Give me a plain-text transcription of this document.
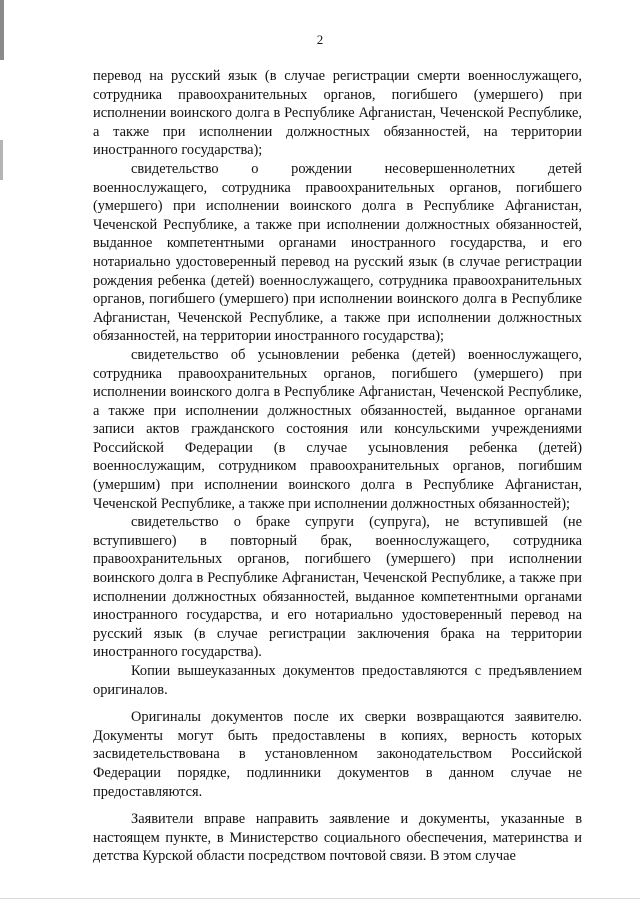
2

перевод на русский язык (в случае регистрации смерти военнослужащего, сотрудника правоохранительных органов, погибшего (умершего) при исполнении воинского долга в Республике Афганистан, Чеченской Республике, а также при исполнении должностных обязанностей, на территории иностранного государства);

свидетельство о рождении несовершеннолетних детей военнослужащего, сотрудника правоохранительных органов, погибшего (умершего) при исполнении воинского долга в Республике Афганистан, Чеченской Республике, а также при исполнении должностных обязанностей, выданное компетентными органами иностранного государства, и его нотариально удостоверенный перевод на русский язык (в случае регистрации рождения ребенка (детей) военнослужащего, сотрудника правоохранительных органов, погибшего (умершего) при исполнении воинского долга в Республике Афганистан, Чеченской Республике, а также при исполнении должностных обязанностей, на территории иностранного государства);

свидетельство об усыновлении ребенка (детей) военнослужащего, сотрудника правоохранительных органов, погибшего (умершего) при исполнении воинского долга в Республике Афганистан, Чеченской Республике, а также при исполнении должностных обязанностей, выданное органами записи актов гражданского состояния или консульскими учреждениями Российской Федерации (в случае усыновления ребенка (детей) военнослужащим, сотрудником правоохранительных органов, погибшим (умершим) при исполнении воинского долга в Республике Афганистан, Чеченской Республике, а также при исполнении должностных обязанностей);

свидетельство о браке супруги (супруга), не вступившей (не вступившего) в повторный брак, военнослужащего, сотрудника правоохранительных органов, погибшего (умершего) при исполнении воинского долга в Республике Афганистан, Чеченской Республике, а также при исполнении должностных обязанностей, выданное компетентными органами иностранного государства, и его нотариально удостоверенный перевод на русский язык (в случае регистрации заключения брака на территории иностранного государства).

Копии вышеуказанных документов предоставляются с предъявлением оригиналов.

Оригиналы документов после их сверки возвращаются заявителю. Документы могут быть предоставлены в копиях, верность которых засвидетельствована в установленном законодательством Российской Федерации порядке, подлинники документов в данном случае не предоставляются.

Заявители вправе направить заявление и документы, указанные в настоящем пункте, в Министерство социального обеспечения, материнства и детства Курской области посредством почтовой связи. В этом случае
